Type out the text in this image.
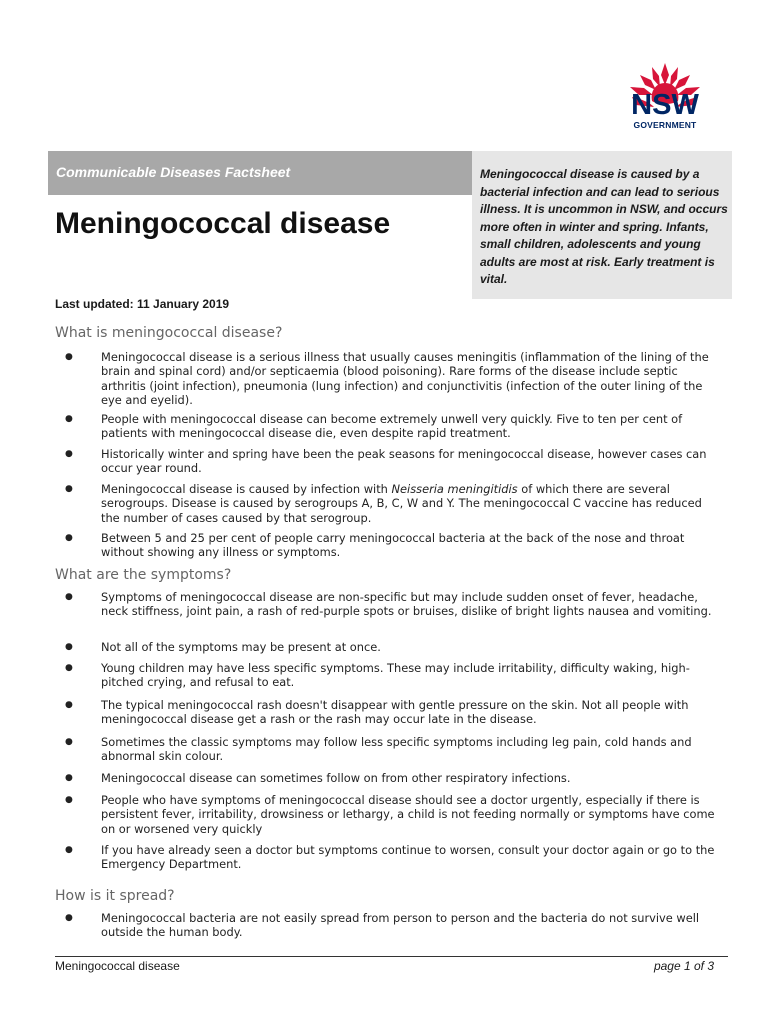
NSW
GOVERNMENT
Communicable Diseases Factsheet	Meningococcal disease is caused by a bacterial infection and can lead to serious illness. It is uncommon in NSW, and occurs more often in winter and spring. Infants, small children, adolescents and young adults are most at risk. Early treatment is vital.

Meningococcal disease
Last updated: 11 January 2019
What is meningococcal disease?
● Meningococcal disease is a serious illness that usually causes meningitis (inflammation of the lining of the brain and spinal cord) and/or septicaemia (blood poisoning). Rare forms of the disease include septic arthritis (joint infection), pneumonia (lung infection) and conjunctivitis (infection of the outer lining of the eye and eyelid).
● People with meningococcal disease can become extremely unwell very quickly. Five to ten per cent of patients with meningococcal disease die, even despite rapid treatment.
● Historically winter and spring have been the peak seasons for meningococcal disease, however cases can occur year round.
● Meningococcal disease is caused by infection with Neisseria meningitidis of which there are several serogroups. Disease is caused by serogroups A, B, C, W and Y. The meningococcal C vaccine has reduced the number of cases caused by that serogroup.
● Between 5 and 25 per cent of people carry meningococcal bacteria at the back of the nose and throat without showing any illness or symptoms.
What are the symptoms?
● Symptoms of meningococcal disease are non-specific but may include sudden onset of fever, headache, neck stiffness, joint pain, a rash of red-purple spots or bruises, dislike of bright lights nausea and vomiting.
● Not all of the symptoms may be present at once.
● Young children may have less specific symptoms. These may include irritability, difficulty waking, high-pitched crying, and refusal to eat.
● The typical meningococcal rash doesn't disappear with gentle pressure on the skin. Not all people with meningococcal disease get a rash or the rash may occur late in the disease.
● Sometimes the classic symptoms may follow less specific symptoms including leg pain, cold hands and abnormal skin colour.
● Meningococcal disease can sometimes follow on from other respiratory infections.
● People who have symptoms of meningococcal disease should see a doctor urgently, especially if there is persistent fever, irritability, drowsiness or lethargy, a child is not feeding normally or symptoms have come on or worsened very quickly
● If you have already seen a doctor but symptoms continue to worsen, consult your doctor again or go to the Emergency Department.
How is it spread?
● Meningococcal bacteria are not easily spread from person to person and the bacteria do not survive well outside the human body.
Meningococcal disease	page 1 of 3
